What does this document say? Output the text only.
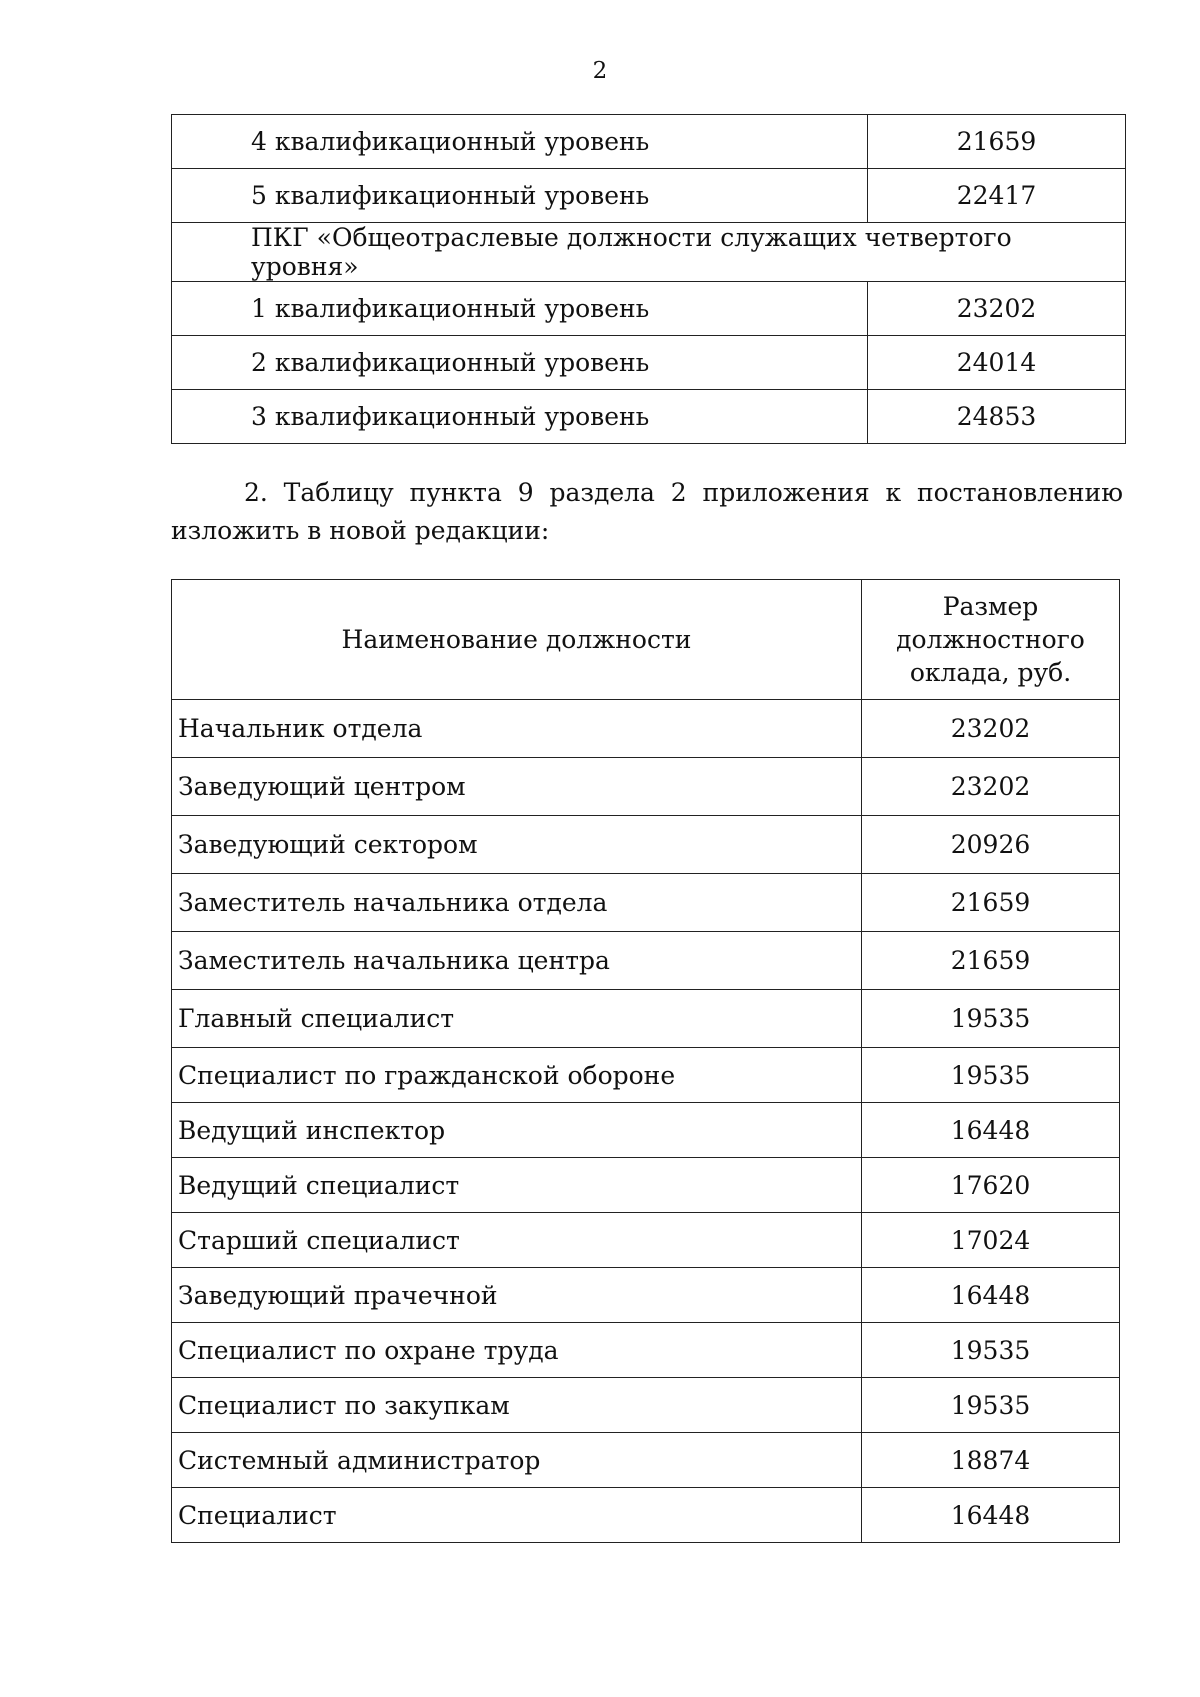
2
4 квалификационный уровень	21659
5 квалификационный уровень	22417
ПКГ «Общеотраслевые должности служащих четвертого уровня»	
1 квалификационный уровень	23202
2 квалификационный уровень	24014
3 квалификационный уровень	24853
2. Таблицу пункта 9 раздела 2 приложения к постановлению изложить в новой редакции:
Наименование должности	Размер
должностного
оклада, руб.

Начальник отдела	23202
Заведующий центром	23202
Заведующий сектором	20926
Заместитель начальника отдела	21659
Заместитель начальника центра	21659
Главный специалист	19535
Специалист по гражданской обороне	19535
Ведущий инспектор	16448
Ведущий специалист	17620
Старший специалист	17024
Заведующий прачечной	16448
Специалист по охране труда	19535
Специалист по закупкам	19535
Системный администратор	18874
Специалист	16448
